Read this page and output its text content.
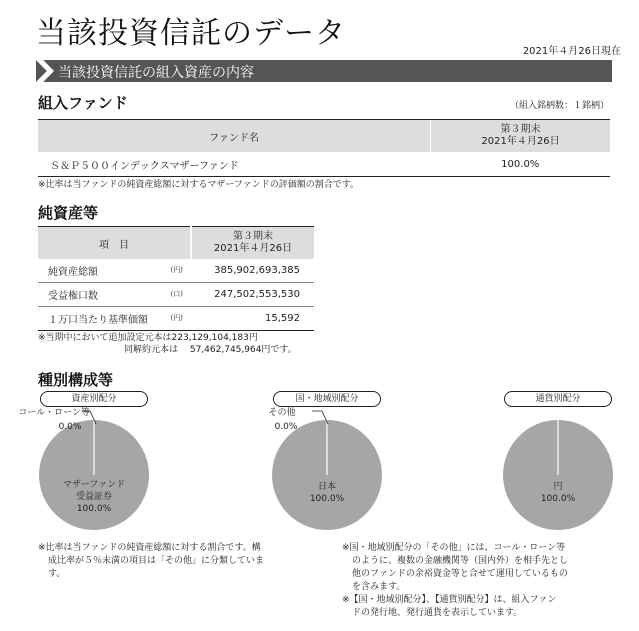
当該投資信託のデータ
2021年４月26日現在
当該投資信託の組入資産の内容
組入ファンド	（組入銘柄数：１銘柄）
ファンド名	第３期末
2021年４月26日

Ｓ＆Ｐ５００インデックスマザーファンド	100.0%
※比率は当ファンドの純資産総額に対するマザーファンドの評価額の割合です。
純資産等
項　目	第３期末
2021年４月26日

純資産総額 (円)	385,902,693,385
受益権口数 (口)	247,502,553,530
１万口当たり基準価額 (円)	15,592
※当期中において追加設定元本は223,129,104,183円
同解約元本は　 57,462,745,964円です。
種別構成等
資産別配分
コール・ローン等
0.0%
マザーファンド
受益証券
100.0%
国・地域別配分
その他
0.0%
日本
100.0%
通貨別配分
円
100.0%
※比率は当ファンドの純資産総額に対する割合です。構
成比率が５％未満の項目は「その他」に分類していま
す。
※国・地域別配分の「その他」には、コール・ローン等
のように、複数の金融機関等（国内外）を相手先とし
他のファンドの余裕資金等と合せて運用しているもの
を含みます。
※【国・地域別配分】、【通貨別配分】は、組入ファン
ドの発行地、発行通貨を表示しています。
